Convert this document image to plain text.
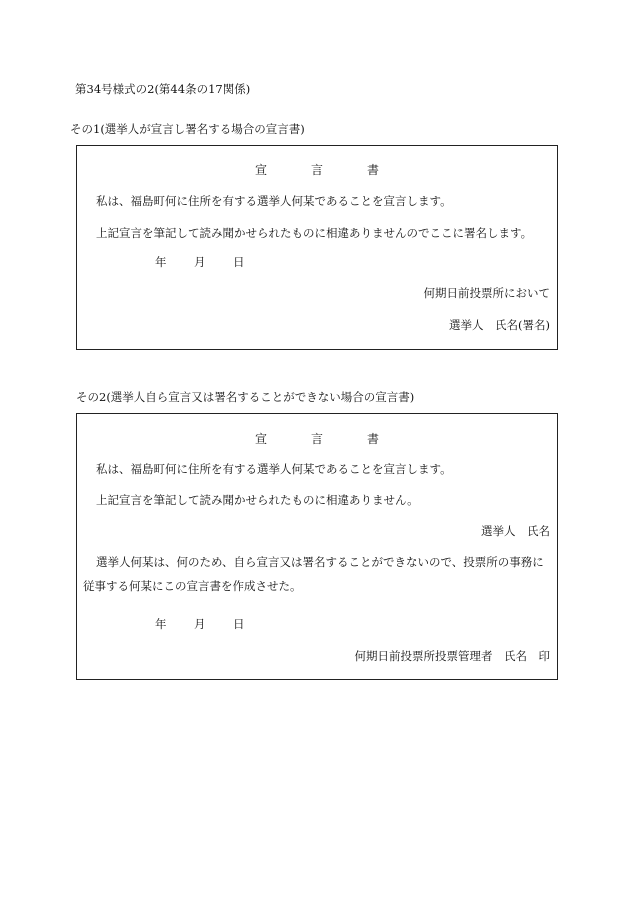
第34号様式の2(第44条の17関係)
その1(選挙人が宣言し署名する場合の宣言書)
宣	言	書
私は、福島町何に住所を有する選挙人何某であることを宣言します。
上記宣言を筆記して読み聞かせられたものに相違ありませんのでここに署名します。
年 月 日
何期日前投票所において
選挙人　氏名(署名)
その2(選挙人自ら宣言又は署名することができない場合の宣言書)
宣	言	書
私は、福島町何に住所を有する選挙人何某であることを宣言します。
上記宣言を筆記して読み聞かせられたものに相違ありません。
選挙人　氏名
選挙人何某は、何のため、自ら宣言又は署名することができないので、投票所の事務に
従事する何某にこの宣言書を作成させた。
年 月 日
何期日前投票所投票管理者　氏名　印
